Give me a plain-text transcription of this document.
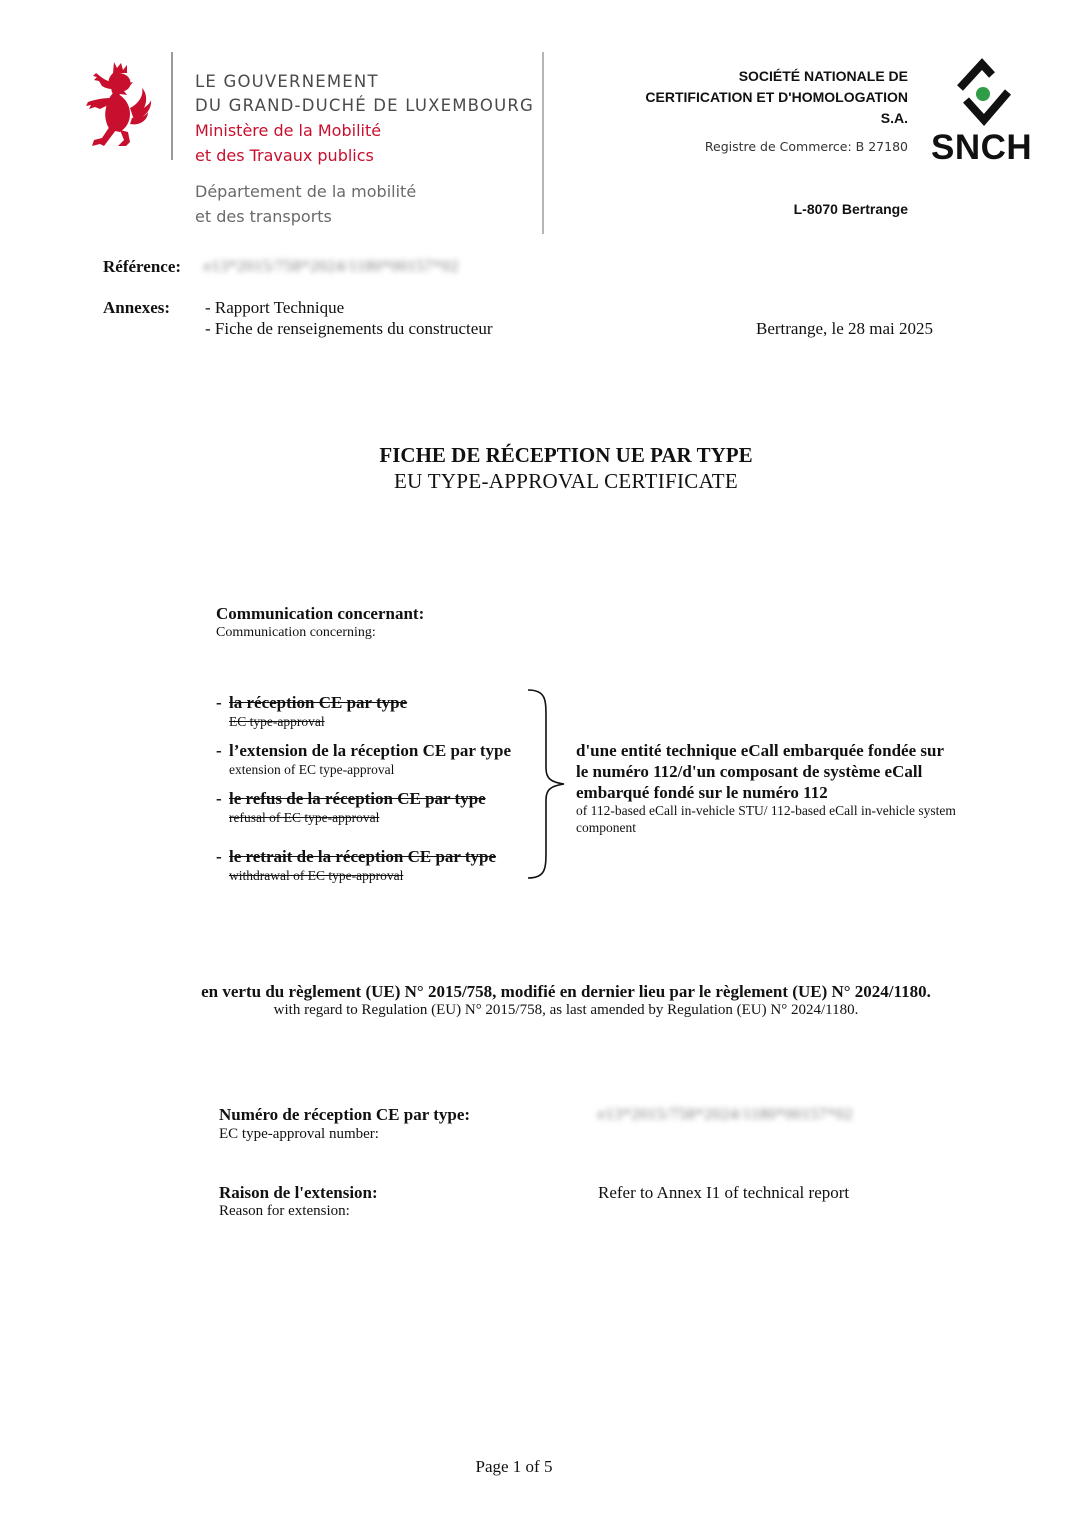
LE GOUVERNEMENT
DU GRAND-DUCHÉ DE LUXEMBOURG
Ministère de la Mobilité
et des Travaux publics
Département de la mobilité
et des transports
SOCIÉTÉ NATIONALE DE
CERTIFICATION ET D'HOMOLOGATION
S.A.
Registre de Commerce: B 27180
L-8070 Bertrange
SNCH
Référence: e13*2015/758*2024/1180*00157*02
Annexes: - Rapport Technique
- Fiche de renseignements du constructeur	Bertrange, le 28 mai 2025
FICHE DE RÉCEPTION UE PAR TYPE
EU TYPE-APPROVAL CERTIFICATE
Communication concernant:
Communication concerning:
- la réception CE par type
EC type-approval
- l’extension de la réception CE par type
extension of EC type-approval
- le refus de la réception CE par type
refusal of EC type-approval
- le retrait de la réception CE par type
withdrawal of EC type-approval
d'une entité technique eCall embarquée fondée sur
le numéro 112/d'un composant de système eCall
embarqué fondé sur le numéro 112
of 112-based eCall in-vehicle STU/ 112-based eCall in-vehicle system
component
en vertu du règlement (UE) N° 2015/758, modifié en dernier lieu par le règlement (UE) N° 2024/1180.
with regard to Regulation (EU) N° 2015/758, as last amended by Regulation (EU) N° 2024/1180.
Numéro de réception CE par type:
EC type-approval number:
e13*2015/758*2024/1180*00157*02
Raison de l'extension:
Reason for extension:
Refer to Annex I1 of technical report
Page 1 of 5
